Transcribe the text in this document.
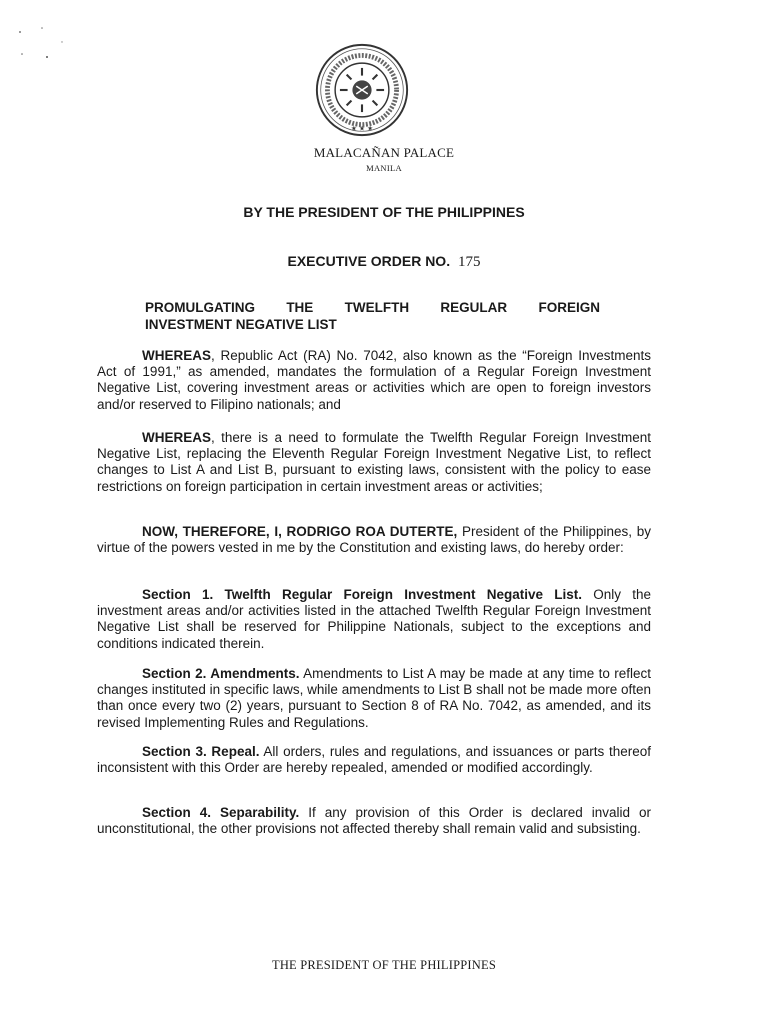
★ ★ ★
MALACAÑAN PALACE
MANILA
BY THE PRESIDENT OF THE PHILIPPINES
EXECUTIVE ORDER NO. 175
PROMULGATING THE TWELFTH REGULAR FOREIGN
INVESTMENT NEGATIVE LIST
WHEREAS, Republic Act (RA) No. 7042, also known as the “Foreign Investments Act of 1991,” as amended, mandates the formulation of a Regular Foreign Investment Negative List, covering investment areas or activities which are open to foreign investors and/or reserved to Filipino nationals; and
WHEREAS, there is a need to formulate the Twelfth Regular Foreign Investment Negative List, replacing the Eleventh Regular Foreign Investment Negative List, to reflect changes to List A and List B, pursuant to existing laws, consistent with the policy to ease restrictions on foreign participation in certain investment areas or activities;
NOW, THEREFORE, I, RODRIGO ROA DUTERTE, President of the Philippines, by virtue of the powers vested in me by the Constitution and existing laws, do hereby order:
Section 1. Twelfth Regular Foreign Investment Negative List. Only the investment areas and/or activities listed in the attached Twelfth Regular Foreign Investment Negative List shall be reserved for Philippine Nationals, subject to the exceptions and conditions indicated therein.
Section 2. Amendments. Amendments to List A may be made at any time to reflect changes instituted in specific laws, while amendments to List B shall not be made more often than once every two (2) years, pursuant to Section 8 of RA No. 7042, as amended, and its revised Implementing Rules and Regulations.
Section 3. Repeal. All orders, rules and regulations, and issuances or parts thereof inconsistent with this Order are hereby repealed, amended or modified accordingly.
Section 4. Separability. If any provision of this Order is declared invalid or unconstitutional, the other provisions not affected thereby shall remain valid and subsisting.
THE PRESIDENT OF THE PHILIPPINES
